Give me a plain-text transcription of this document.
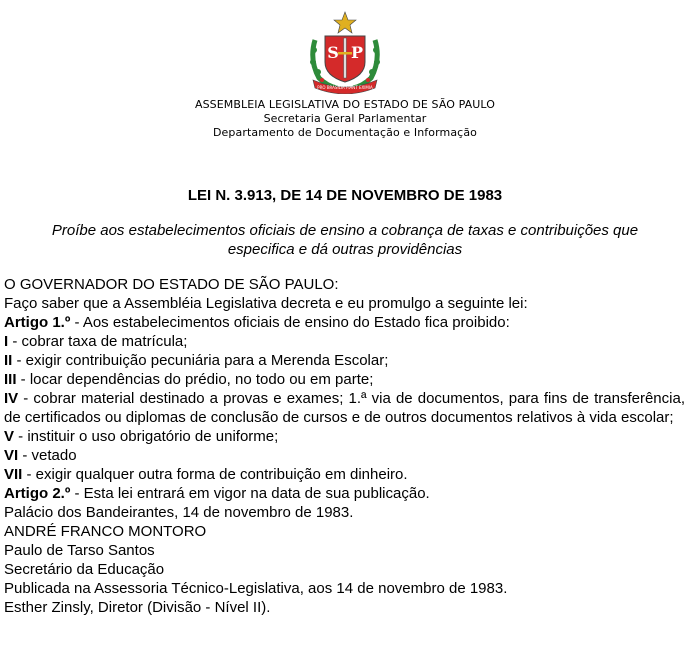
S P
PRO BRASILIA FIANT EXIMIA
ASSEMBLEIA LEGISLATIVA DO ESTADO DE SÃO PAULO
Secretaria Geral Parlamentar
Departamento de Documentação e Informação
LEI N. 3.913, DE 14 DE NOVEMBRO DE 1983
Proíbe aos estabelecimentos oficiais de ensino a cobrança de taxas e contribuições que especifica e dá outras providências

O GOVERNADOR DO ESTADO DE SÃO PAULO:

Faço saber que a Assembléia Legislativa decreta e eu promulgo a seguinte lei:

Artigo 1.º - Aos estabelecimentos oficiais de ensino do Estado fica proibido:

I - cobrar taxa de matrícula;

II - exigir contribuição pecuniária para a Merenda Escolar;

III - locar dependências do prédio, no todo ou em parte;

IV - cobrar material destinado a provas e exames; 1.ª via de documentos, para fins de transferência, de certificados ou diplomas de conclusão de cursos e de outros documentos relativos à vida escolar;

V - instituir o uso obrigatório de uniforme;

VI - vetado

VII - exigir qualquer outra forma de contribuição em dinheiro.

Artigo 2.º - Esta lei entrará em vigor na data de sua publicação.

Palácio dos Bandeirantes, 14 de novembro de 1983.

ANDRÉ FRANCO MONTORO

Paulo de Tarso Santos

Secretário da Educação

Publicada na Assessoria Técnico-Legislativa, aos 14 de novembro de 1983.

Esther Zinsly, Diretor (Divisão - Nível II).
